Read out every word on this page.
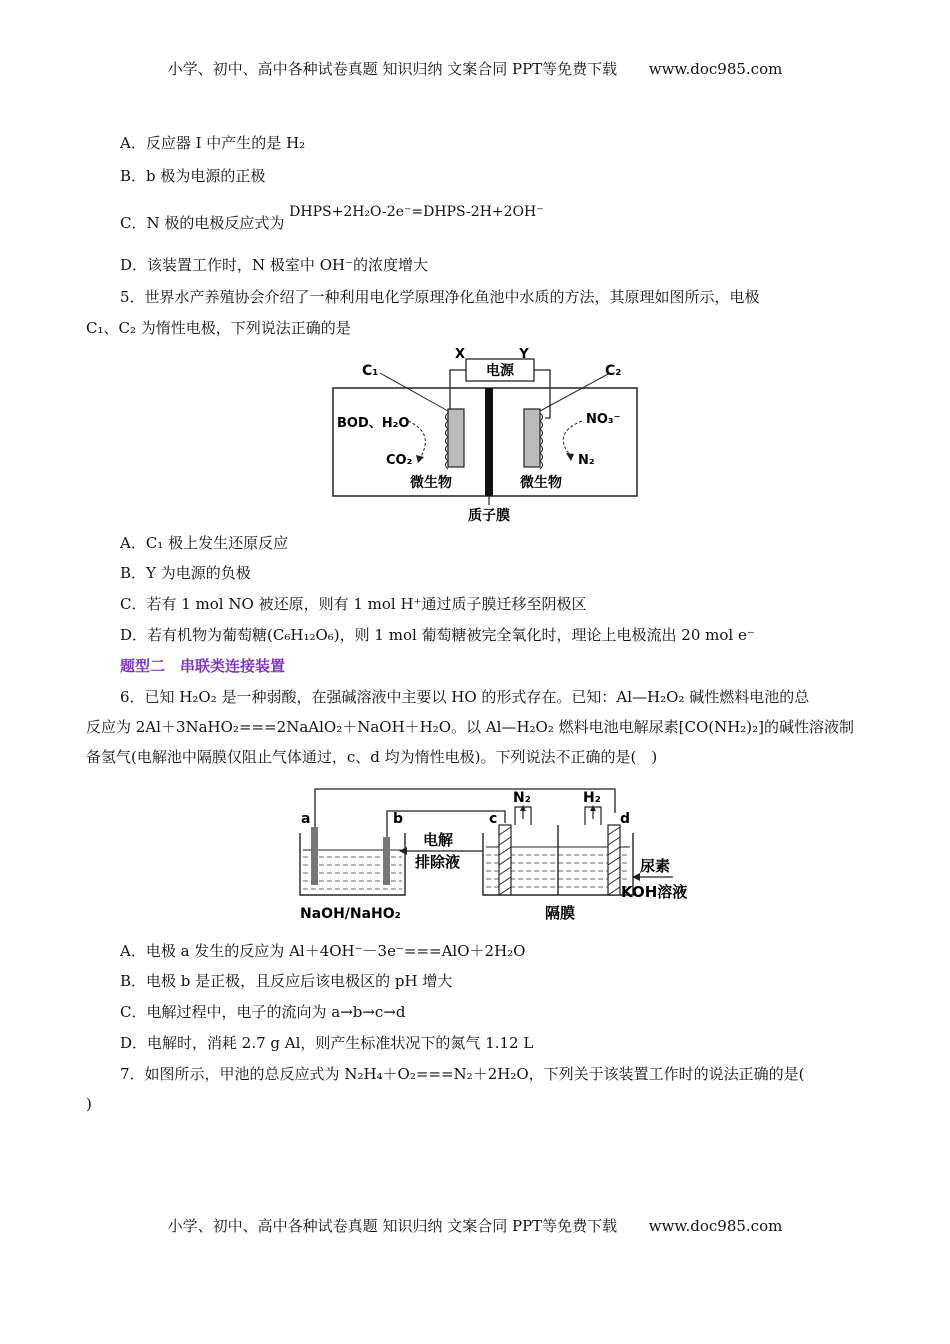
小学、初中、高中各种试卷真题 知识归纳 文案合同 PPT等免费下载 www.doc985.com
A．反应器 I 中产生的是 H₂
B．b 极为电源的正极
C．N 极的电极反应式为 DHPS+2H₂O-2e⁻=DHPS-2H+2OH⁻
D．该装置工作时，N 极室中 OH⁻的浓度增大
5．世界水产养殖协会介绍了一种利用电化学原理净化鱼池中水质的方法，其原理如图所示，电极
C₁、C₂ 为惰性电极，下列说法正确的是
电源
X	Y
质子膜
C₁	C₂
BOD、H₂O
CO₂
NO₃⁻
N₂
微生物	微生物
A．C₁ 极上发生还原反应
B．Y 为电源的负极
C．若有 1 mol NO 被还原，则有 1 mol H⁺通过质子膜迁移至阴极区
D．若有机物为葡萄糖(C₆H₁₂O₆)，则 1 mol 葡萄糖被完全氧化时，理论上电极流出 20 mol e⁻
题型二　串联类连接装置
6．已知 H₂O₂ 是一种弱酸，在强碱溶液中主要以 HO 的形式存在。已知：Al—H₂O₂ 碱性燃料电池的总
反应为 2Al＋3NaHO₂===2NaAlO₂＋NaOH＋H₂O。以 Al—H₂O₂ 燃料电池电解尿素[CO(NH₂)₂]的碱性溶液制
备氢气(电解池中隔膜仅阻止气体通过，c、d 均为惰性电极)。下列说法不正确的是(　)
a	b	c	d
NaOH/NaHO₂
电解
排除液
N₂	H₂
隔膜
尿素
KOH溶液
A．电极 a 发生的反应为 Al＋4OH⁻－3e⁻===AlO＋2H₂O
B．电极 b 是正极，且反应后该电极区的 pH 增大
C．电解过程中，电子的流向为 a→b→c→d
D．电解时，消耗 2.7 g Al，则产生标准状况下的氮气 1.12 L
7．如图所示，甲池的总反应式为 N₂H₄＋O₂===N₂＋2H₂O，下列关于该装置工作时的说法正确的是(
)
小学、初中、高中各种试卷真题 知识归纳 文案合同 PPT等免费下载 www.doc985.com
